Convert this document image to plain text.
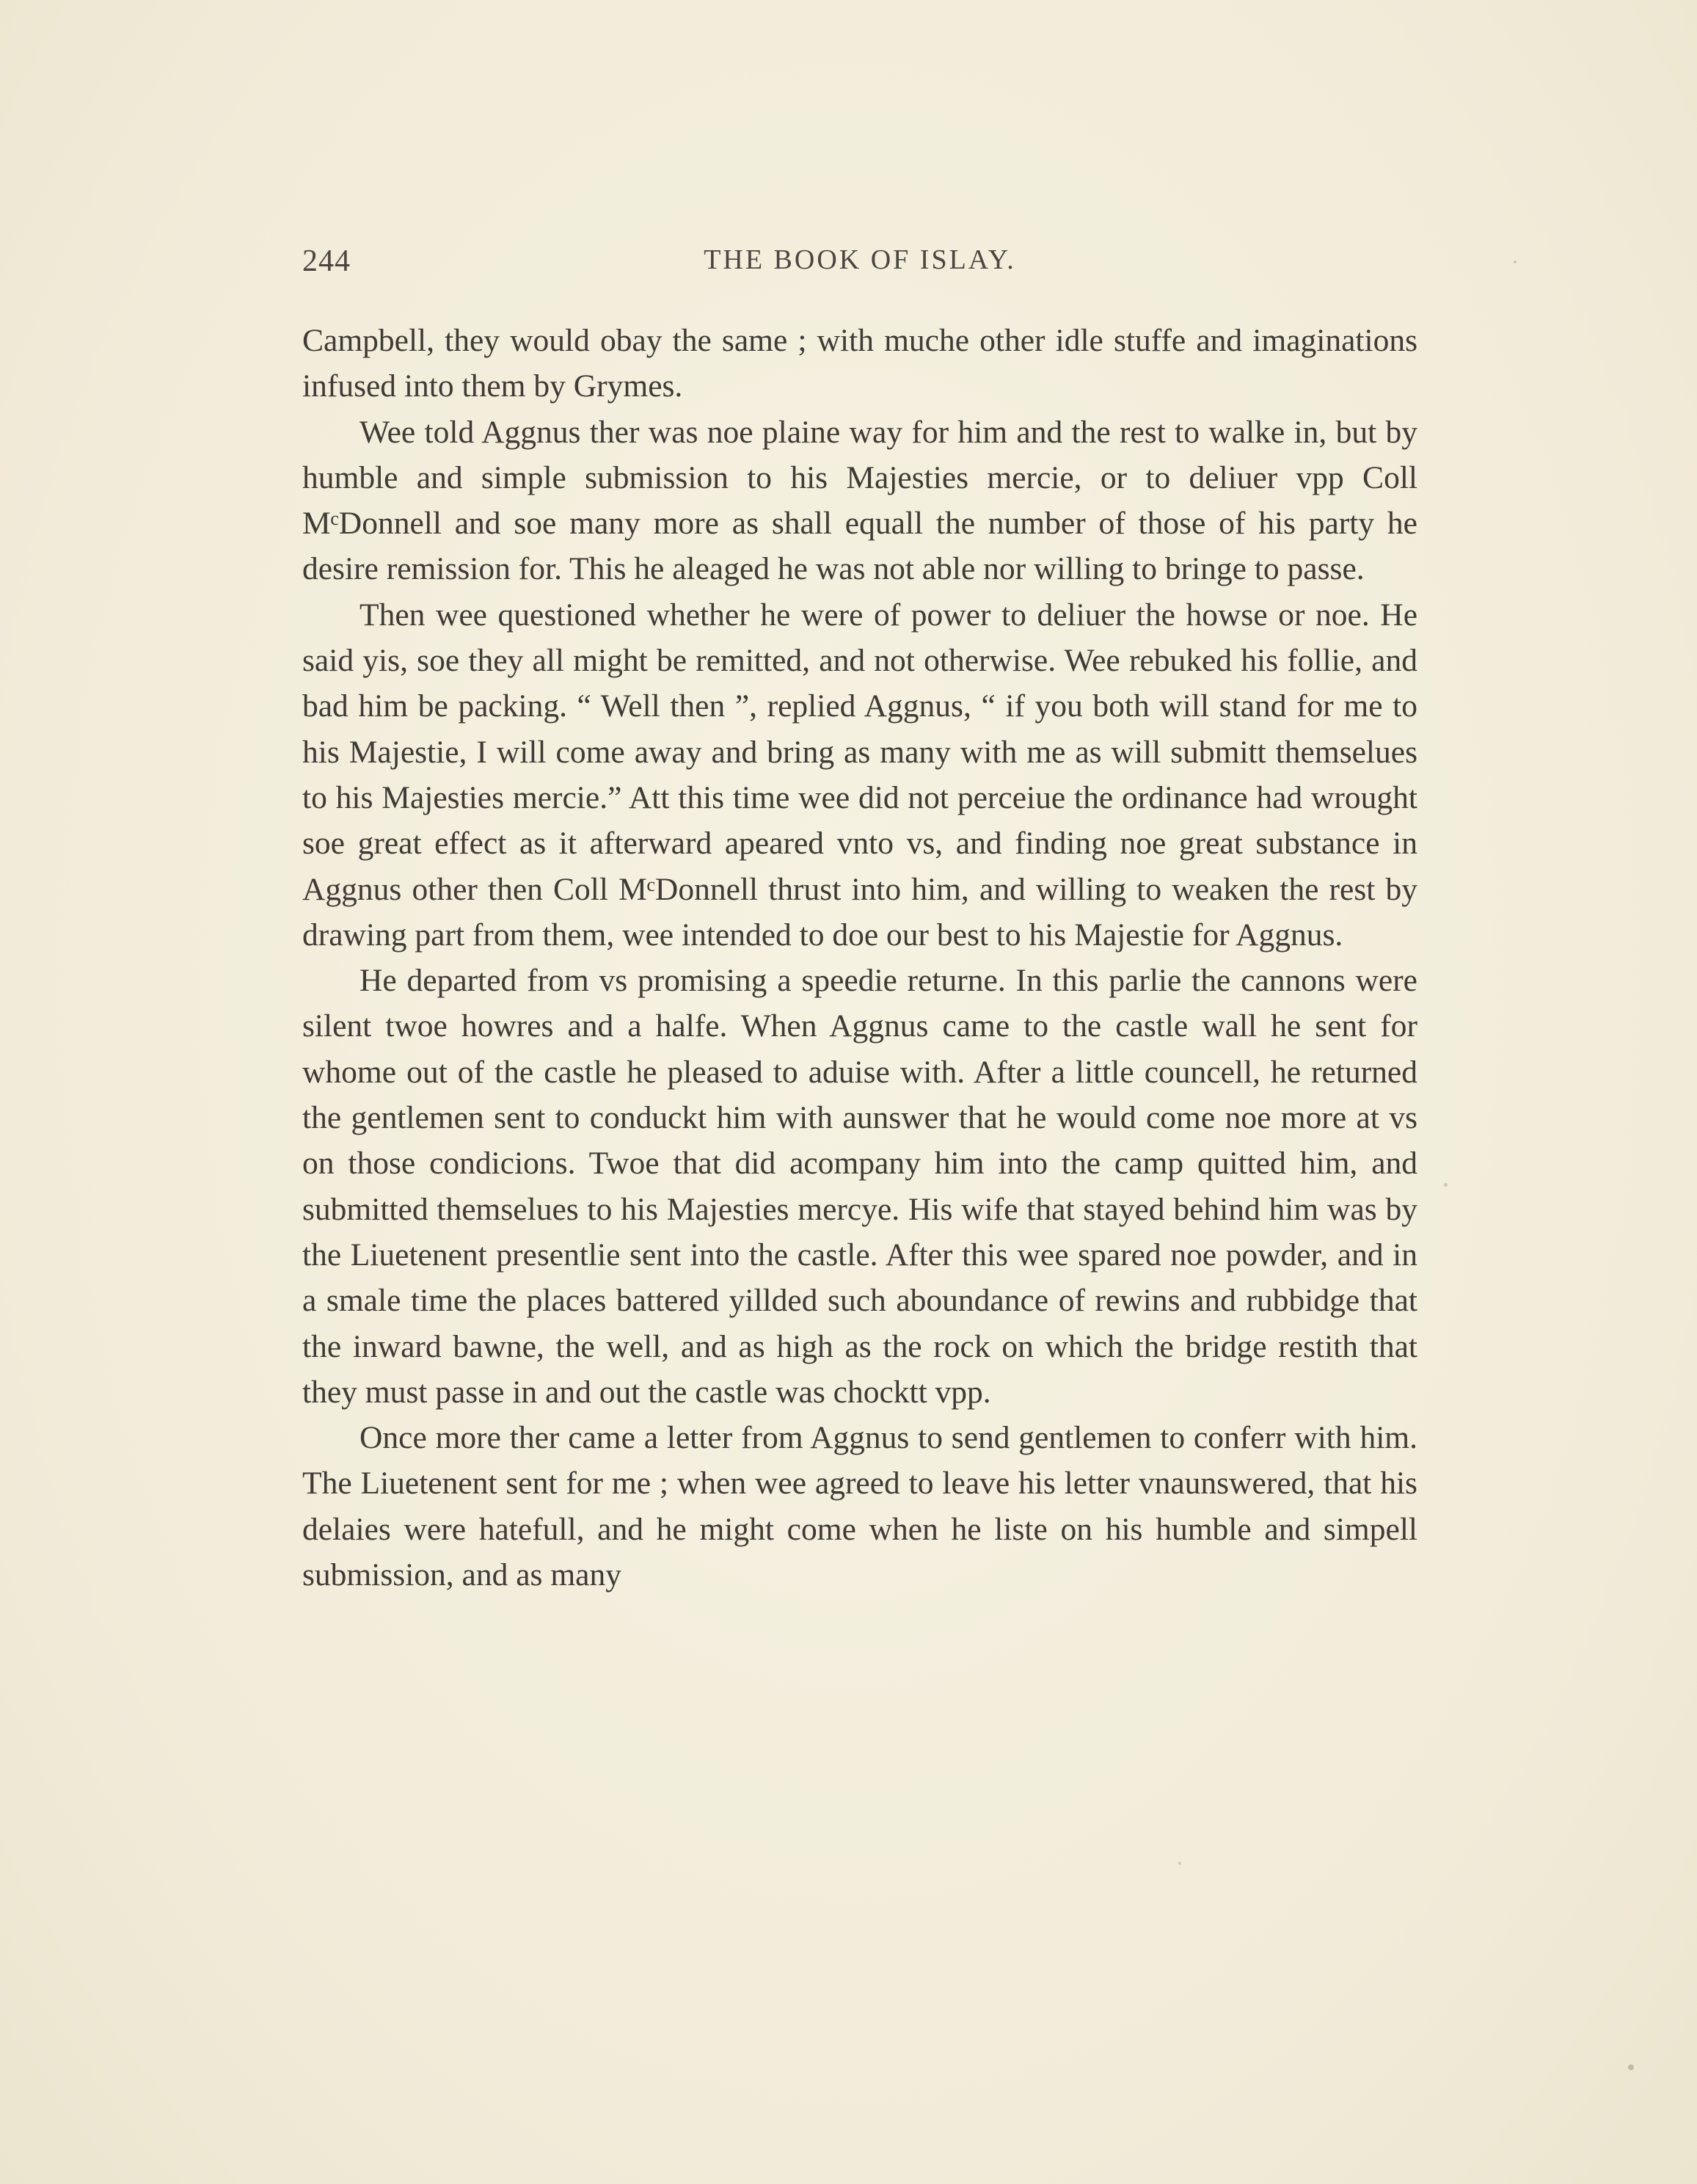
244	THE BOOK OF ISLAY.

Campbell, they would obay the same ; with muche other idle stuffe and imaginations infused into them by Grymes.

Wee told Aggnus ther was noe plaine way for him and the rest to walke in, but by humble and simple submission to his Majesties mercie, or to deliuer vpp Coll MᶜDonnell and soe many more as shall equall the number of those of his party he desire remission for. This he aleaged he was not able nor willing to bringe to passe.

Then wee questioned whether he were of power to deliuer the howse or noe. He said yis, soe they all might be remitted, and not otherwise. Wee rebuked his follie, and bad him be packing. “ Well then ”, replied Aggnus, “ if you both will stand for me to his Majestie, I will come away and bring as many with me as will submitt themselues to his Majesties mercie.” Att this time wee did not perceiue the ordinance had wrought soe great effect as it afterward apeared vnto vs, and finding noe great substance in Aggnus other then Coll MᶜDonnell thrust into him, and willing to weaken the rest by drawing part from them, wee intended to doe our best to his Majestie for Aggnus.

He departed from vs promising a speedie returne. In this parlie the cannons were silent twoe howres and a halfe. When Aggnus came to the castle wall he sent for whome out of the castle he pleased to aduise with. After a little councell, he returned the gentlemen sent to conduckt him with aunswer that he would come noe more at vs on those condicions. Twoe that did acompany him into the camp quitted him, and submitted themselues to his Majesties mercye. His wife that stayed behind him was by the Liuetenent presentlie sent into the castle. After this wee spared noe powder, and in a smale time the places battered yillded such aboundance of rewins and rubbidge that the inward bawne, the well, and as high as the rock on which the bridge restith that they must passe in and out the castle was chocktt vpp.

Once more ther came a letter from Aggnus to send gentlemen to conferr with him. The Liuetenent sent for me ; when wee agreed to leave his letter vnaunswered, that his delaies were hatefull, and he might come when he liste on his humble and simpell submission, and as many
